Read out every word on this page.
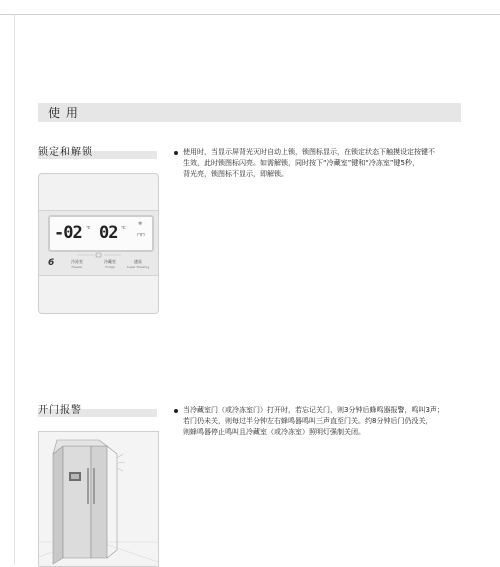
使 用
锁定和解锁	使用时，当显示屏背光灭时自动上锁，锁图标显示，在锁定状态下触摸设定按键不
生效，此时锁图标闪亮。如需解锁，同时按下“冷藏室”键和“冷冻室”键5秒，
背光亮，锁图标不显示，即解锁。
-02 ℃ 02 ℃
❄
⊓⊓
6	冷冻室
Freezer
冷藏室
Fridge
速冻
Super Freezing
开门报警	当冷藏室门（或冷冻室门）打开时，若忘记关门，则3分钟后蜂鸣器报警，鸣叫3声；
若门仍未关，则每过半分钟左右蜂鸣器鸣叫三声直至门关。约8分钟后门仍没关，
则蜂鸣器停止鸣叫且冷藏室（或冷冻室）照明灯强制关闭。
